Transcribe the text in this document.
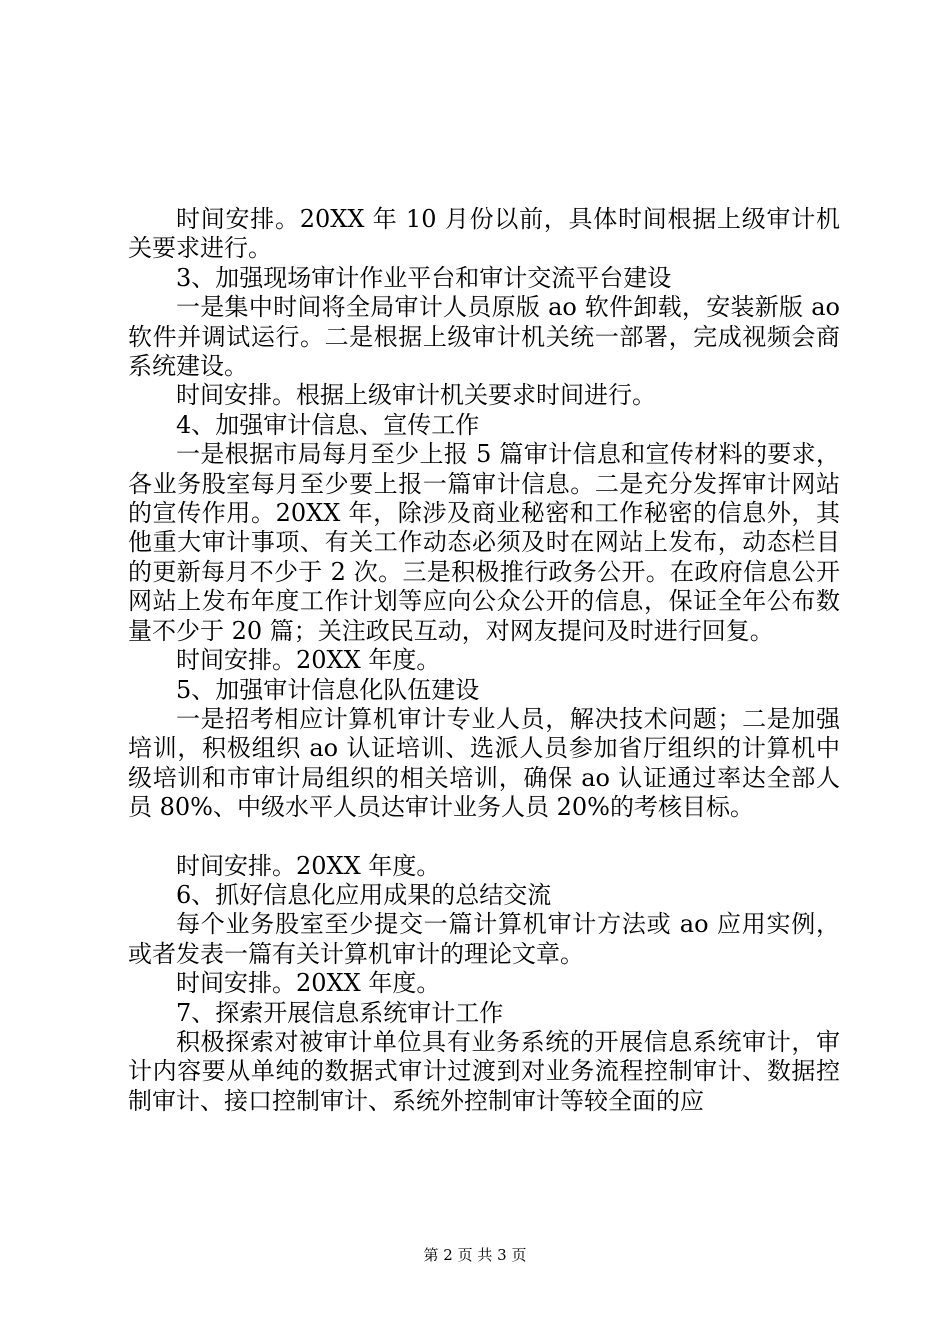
时间安排。20XX 年 10 月份以前，具体时间根据上级审计机关要求进行。

3、加强现场审计作业平台和审计交流平台建设

一是集中时间将全局审计人员原版 ao 软件卸载，安装新版 ao 软件并调试运行。二是根据上级审计机关统一部署，完成视频会商系统建设。

时间安排。根据上级审计机关要求时间进行。

4、加强审计信息、宣传工作

一是根据市局每月至少上报 5 篇审计信息和宣传材料的要求，各业务股室每月至少要上报一篇审计信息。二是充分发挥审计网站的宣传作用。20XX 年，除涉及商业秘密和工作秘密的信息外，其他重大审计事项、有关工作动态必须及时在网站上发布，动态栏目的更新每月不少于 2 次。三是积极推行政务公开。在政府信息公开网站上发布年度工作计划等应向公众公开的信息，保证全年公布数量不少于 20 篇；关注政民互动，对网友提问及时进行回复。

时间安排。20XX 年度。

5、加强审计信息化队伍建设

一是招考相应计算机审计专业人员，解决技术问题；二是加强培训，积极组织 ao 认证培训、选派人员参加省厅组织的计算机中级培训和市审计局组织的相关培训，确保 ao 认证通过率达全部人员 80%、中级水平人员达审计业务人员 20%的考核目标。

时间安排。20XX 年度。

6、抓好信息化应用成果的总结交流

每个业务股室至少提交一篇计算机审计方法或 ao 应用实例，或者发表一篇有关计算机审计的理论文章。

时间安排。20XX 年度。

7、探索开展信息系统审计工作

积极探索对被审计单位具有业务系统的开展信息系统审计，审计内容要从单纯的数据式审计过渡到对业务流程控制审计、数据控制审计、接口控制审计、系统外控制审计等较全面的应

第 2 页 共 3 页
